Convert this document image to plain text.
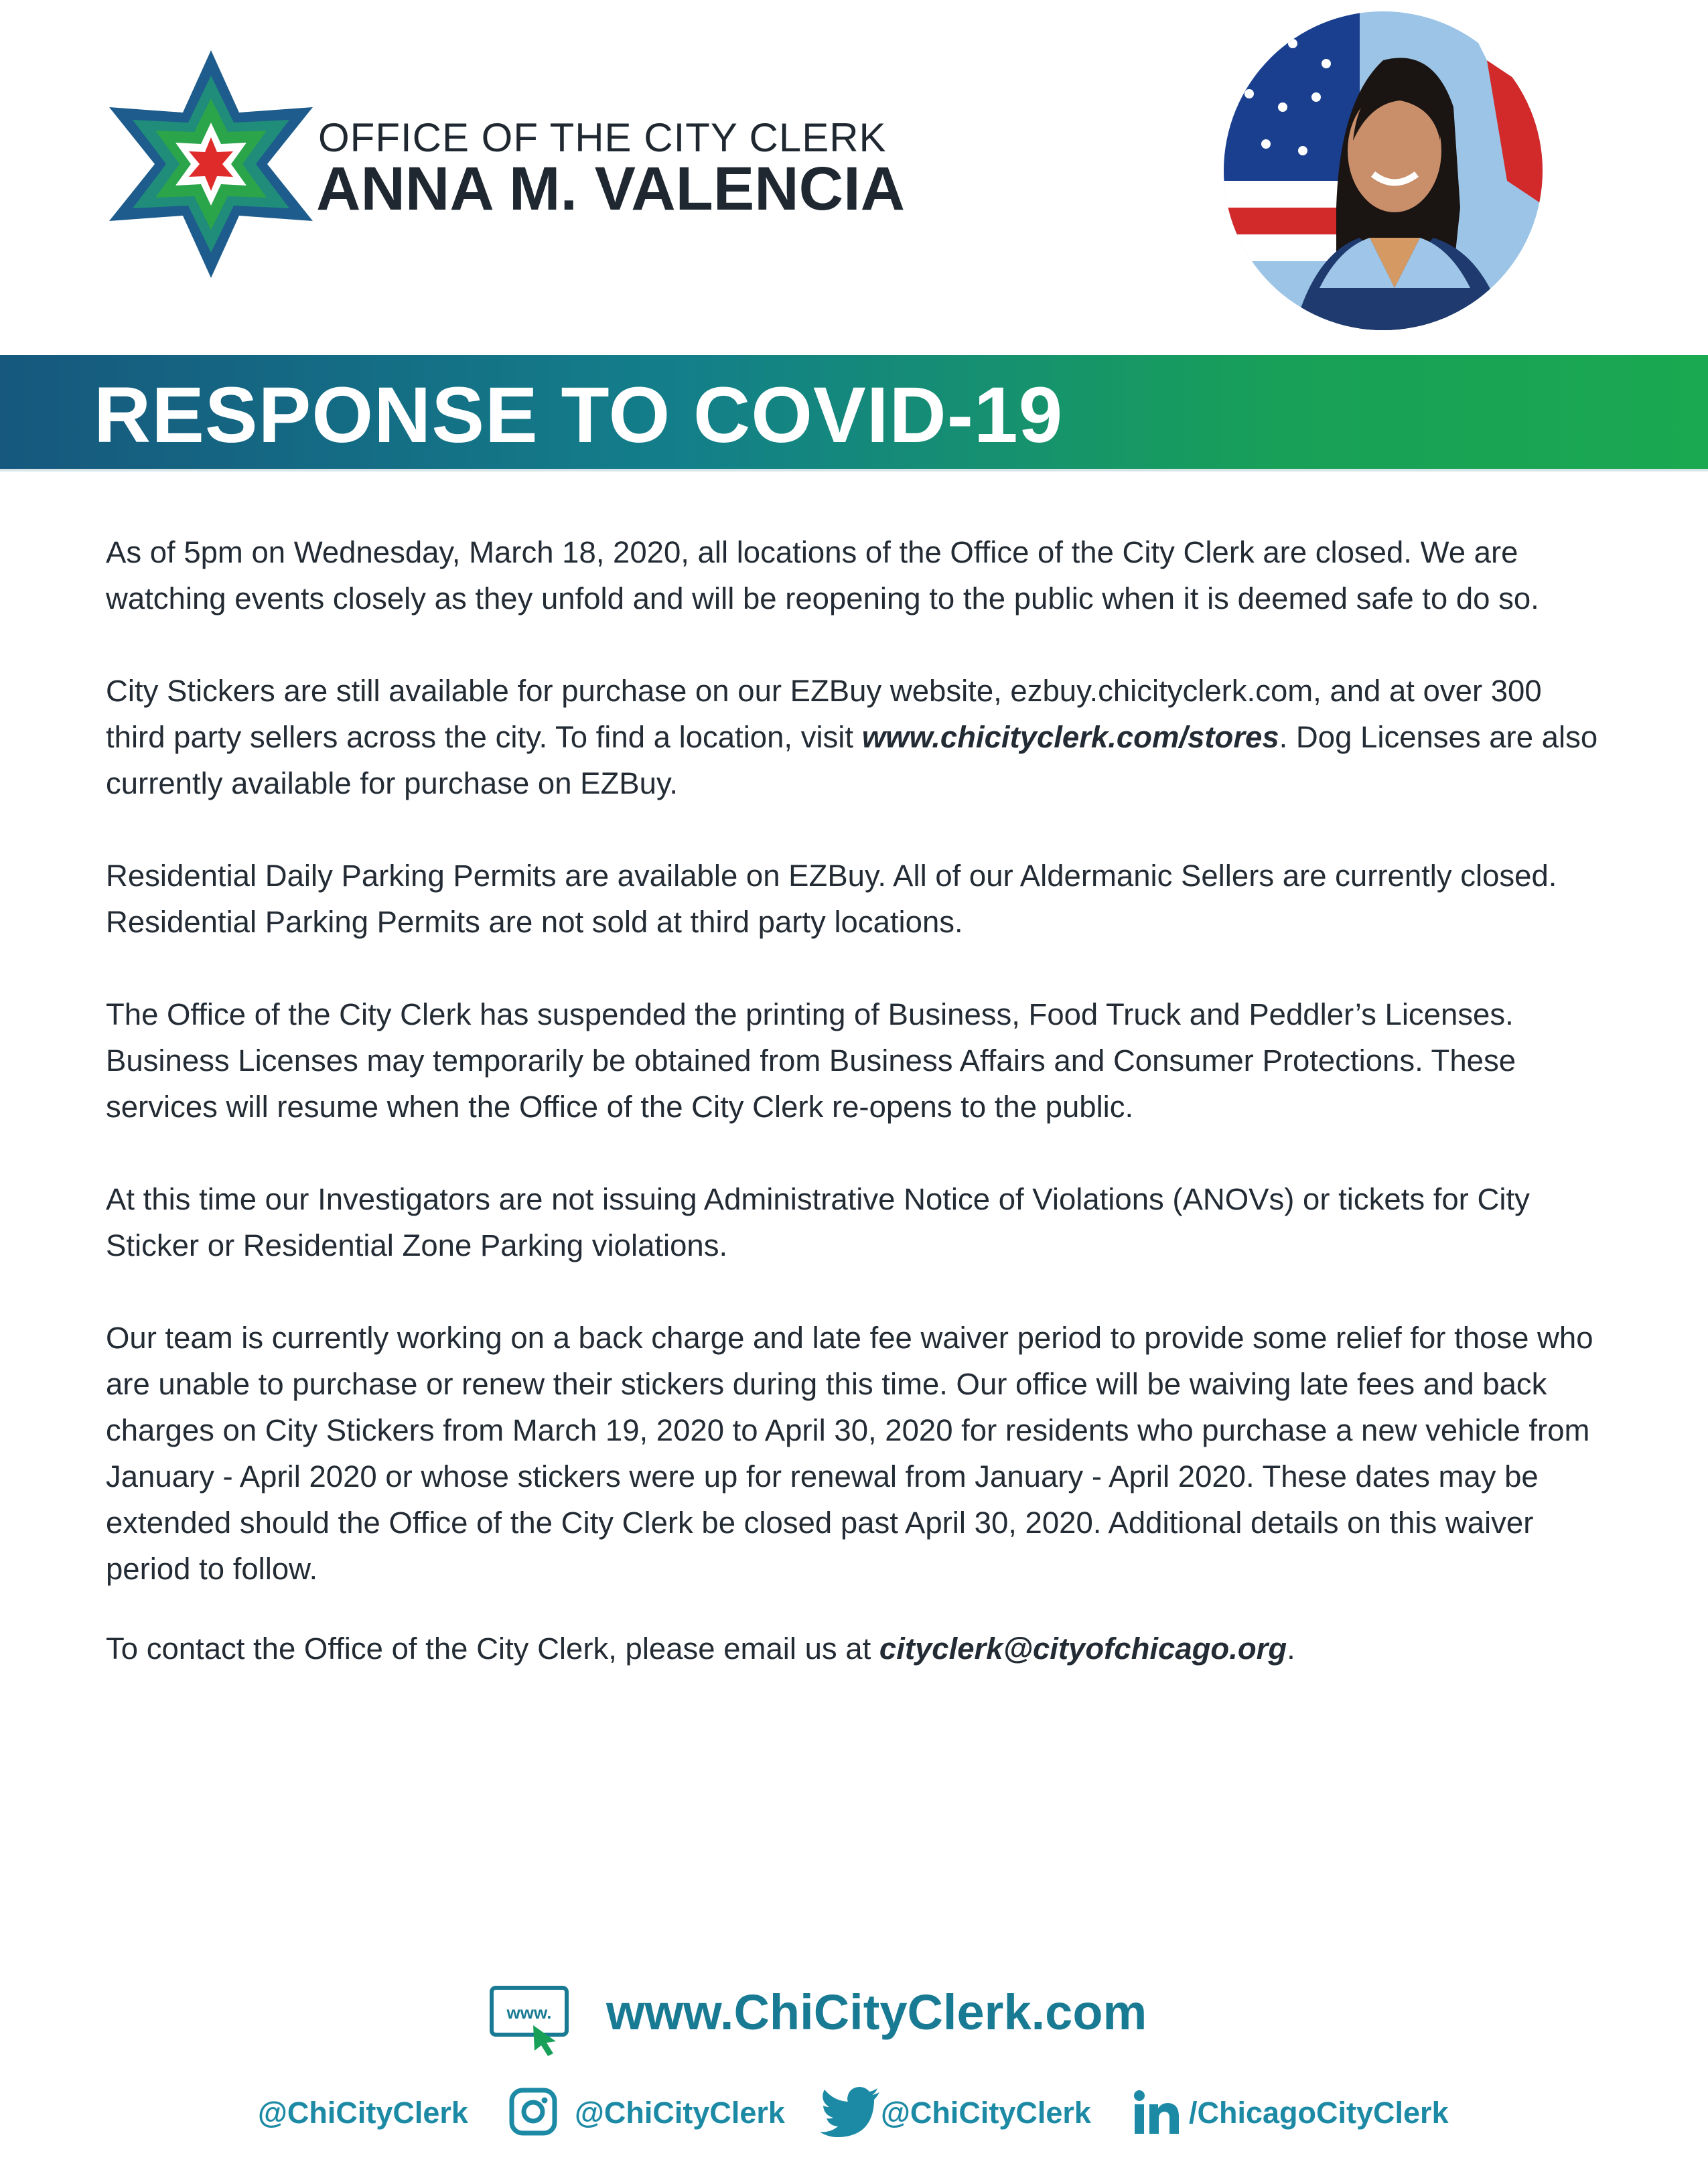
OFFICE OF THE CITY CLERK
ANNA M. VALENCIA
RESPONSE TO COVID-19

As of 5pm on Wednesday, March 18, 2020, all locations of the Office of the City Clerk are closed. We are watching events closely as they unfold and will be reopening to the public when it is deemed safe to do so.

City Stickers are still available for purchase on our EZBuy website, ezbuy.chicityclerk.com, and at over 300 third party sellers across the city. To find a location, visit www.chicityclerk.com/stores. Dog Licenses are also currently available for purchase on EZBuy.

Residential Daily Parking Permits are available on EZBuy. All of our Aldermanic Sellers are currently closed. Residential Parking Permits are not sold at third party locations.

The Office of the City Clerk has suspended the printing of Business, Food Truck and Peddler’s Licenses. Business Licenses may temporarily be obtained from Business Affairs and Consumer Protections. These services will resume when the Office of the City Clerk re-opens to the public.

At this time our Investigators are not issuing Administrative Notice of Violations (ANOVs) or tickets for City Sticker or Residential Zone Parking violations.

Our team is currently working on a back charge and late fee waiver period to provide some relief for those who are unable to purchase or renew their stickers during this time. Our office will be waiving late fees and back charges on City Stickers from March 19, 2020 to April 30, 2020 for residents who purchase a new vehicle from January - April 2020 or whose stickers were up for renewal from January - April 2020. These dates may be extended should the Office of the City Clerk be closed past April 30, 2020. Additional details on this waiver period to follow.

To contact the Office of the City Clerk, please email us at cityclerk@cityofchicago.org.

www. www.ChiCityClerk.com
@ChiCityClerk	@ChiCityClerk	@ChiCityClerk	/ChicagoCityClerk
